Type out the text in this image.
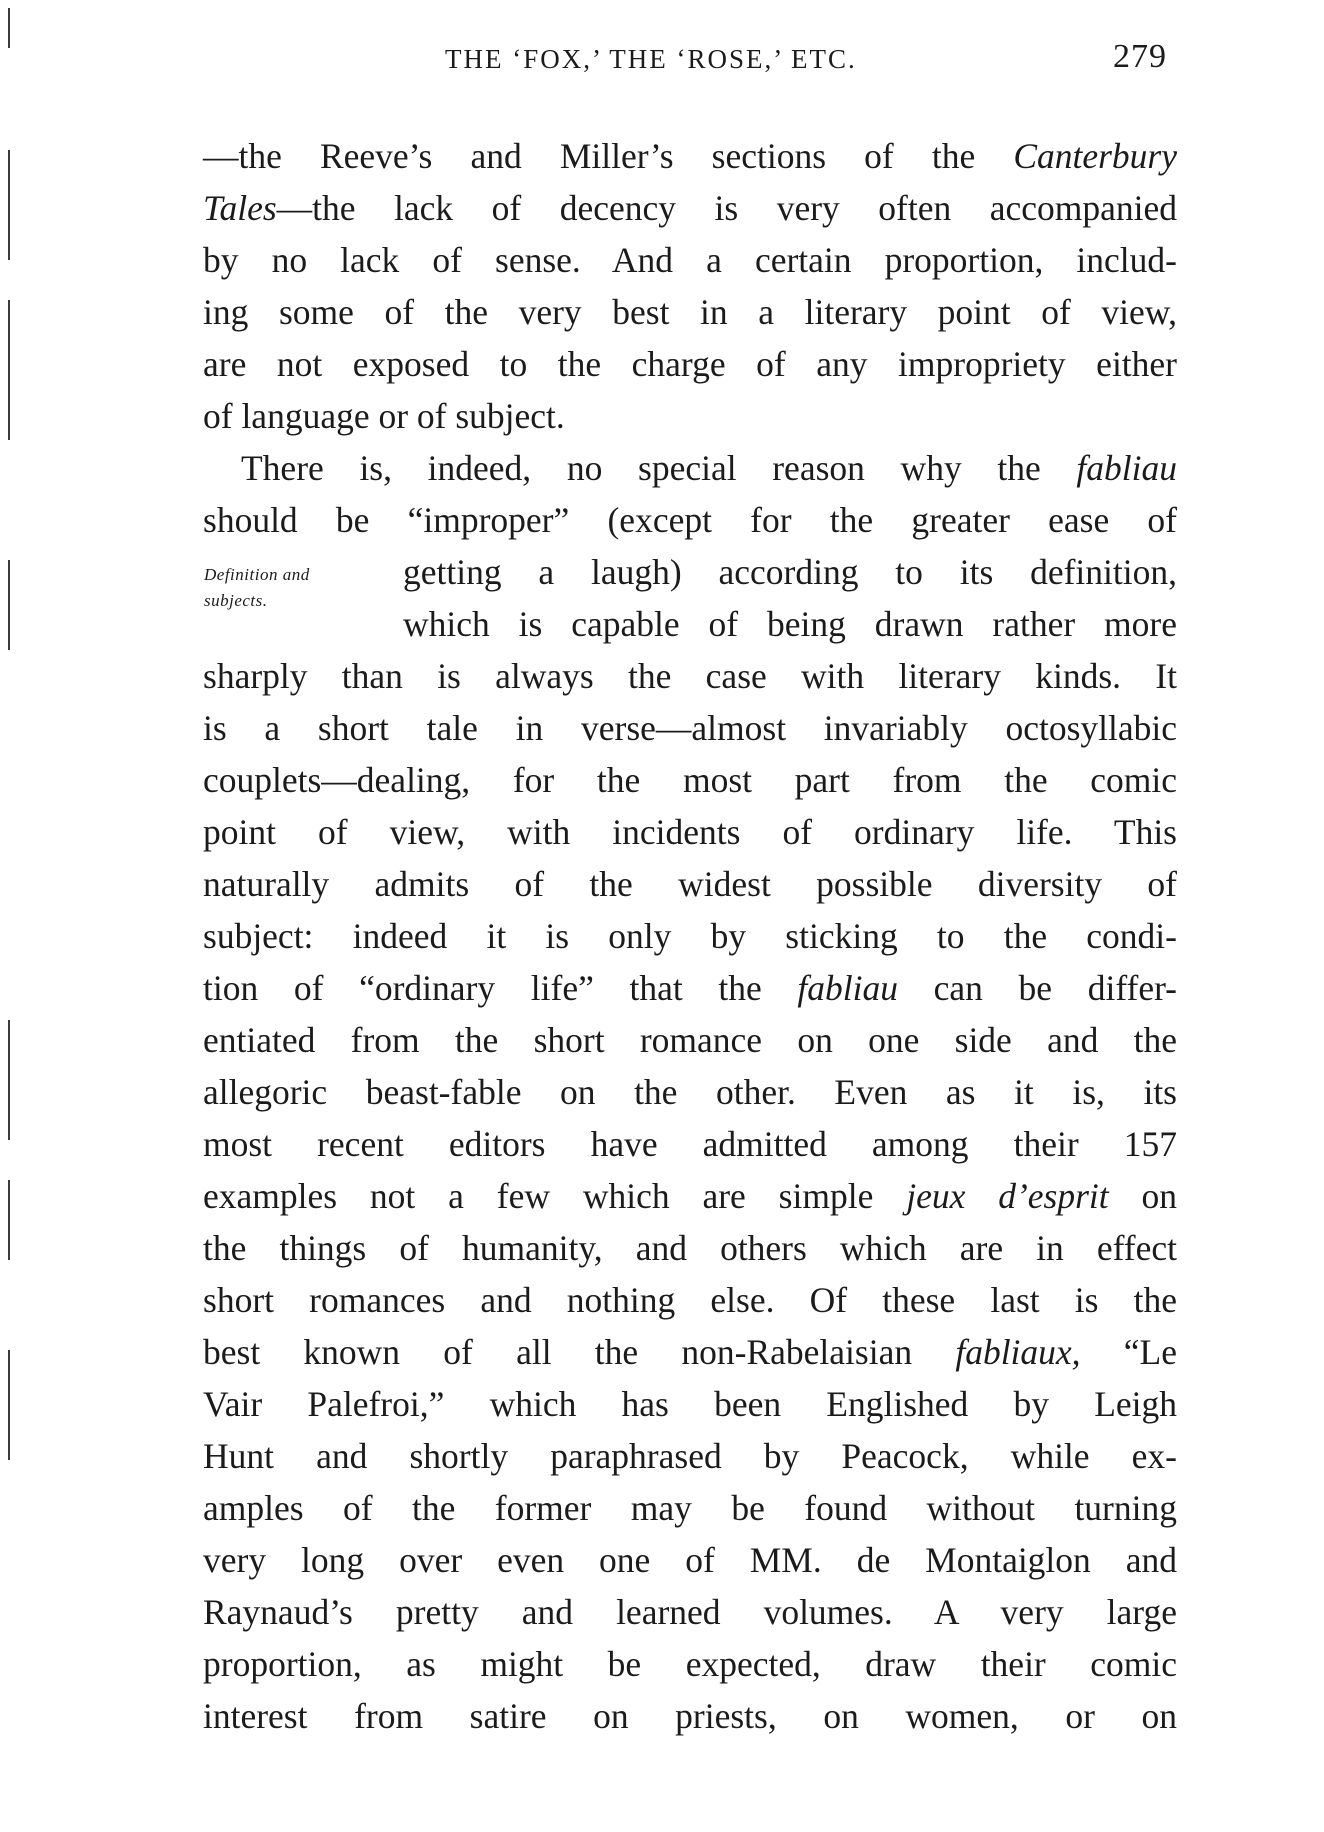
THE ‘FOX,’ THE ‘ROSE,’ ETC.	279
—the Reeve’s and Miller’s sections of the Canterbury
Tales—the lack of decency is very often accompanied
by no lack of sense. And a certain proportion, includ-
ing some of the very best in a literary point of view,
are not exposed to the charge of any impropriety either
of language or of subject.
There is, indeed, no special reason why the fabliau
should be “improper” (except for the greater ease of
Definition and
subjects.
getting a laugh) according to its definition,
which is capable of being drawn rather more
sharply than is always the case with literary kinds. It
is a short tale in verse—almost invariably octosyllabic
couplets—dealing, for the most part from the comic
point of view, with incidents of ordinary life. This
naturally admits of the widest possible diversity of
subject: indeed it is only by sticking to the condi-
tion of “ordinary life” that the fabliau can be differ-
entiated from the short romance on one side and the
allegoric beast-fable on the other. Even as it is, its
most recent editors have admitted among their 157
examples not a few which are simple jeux d’esprit on
the things of humanity, and others which are in effect
short romances and nothing else. Of these last is the
best known of all the non-Rabelaisian fabliaux, “Le
Vair Palefroi,” which has been Englished by Leigh
Hunt and shortly paraphrased by Peacock, while ex-
amples of the former may be found without turning
very long over even one of MM. de Montaiglon and
Raynaud’s pretty and learned volumes. A very large
proportion, as might be expected, draw their comic
interest from satire on priests, on women, or on
